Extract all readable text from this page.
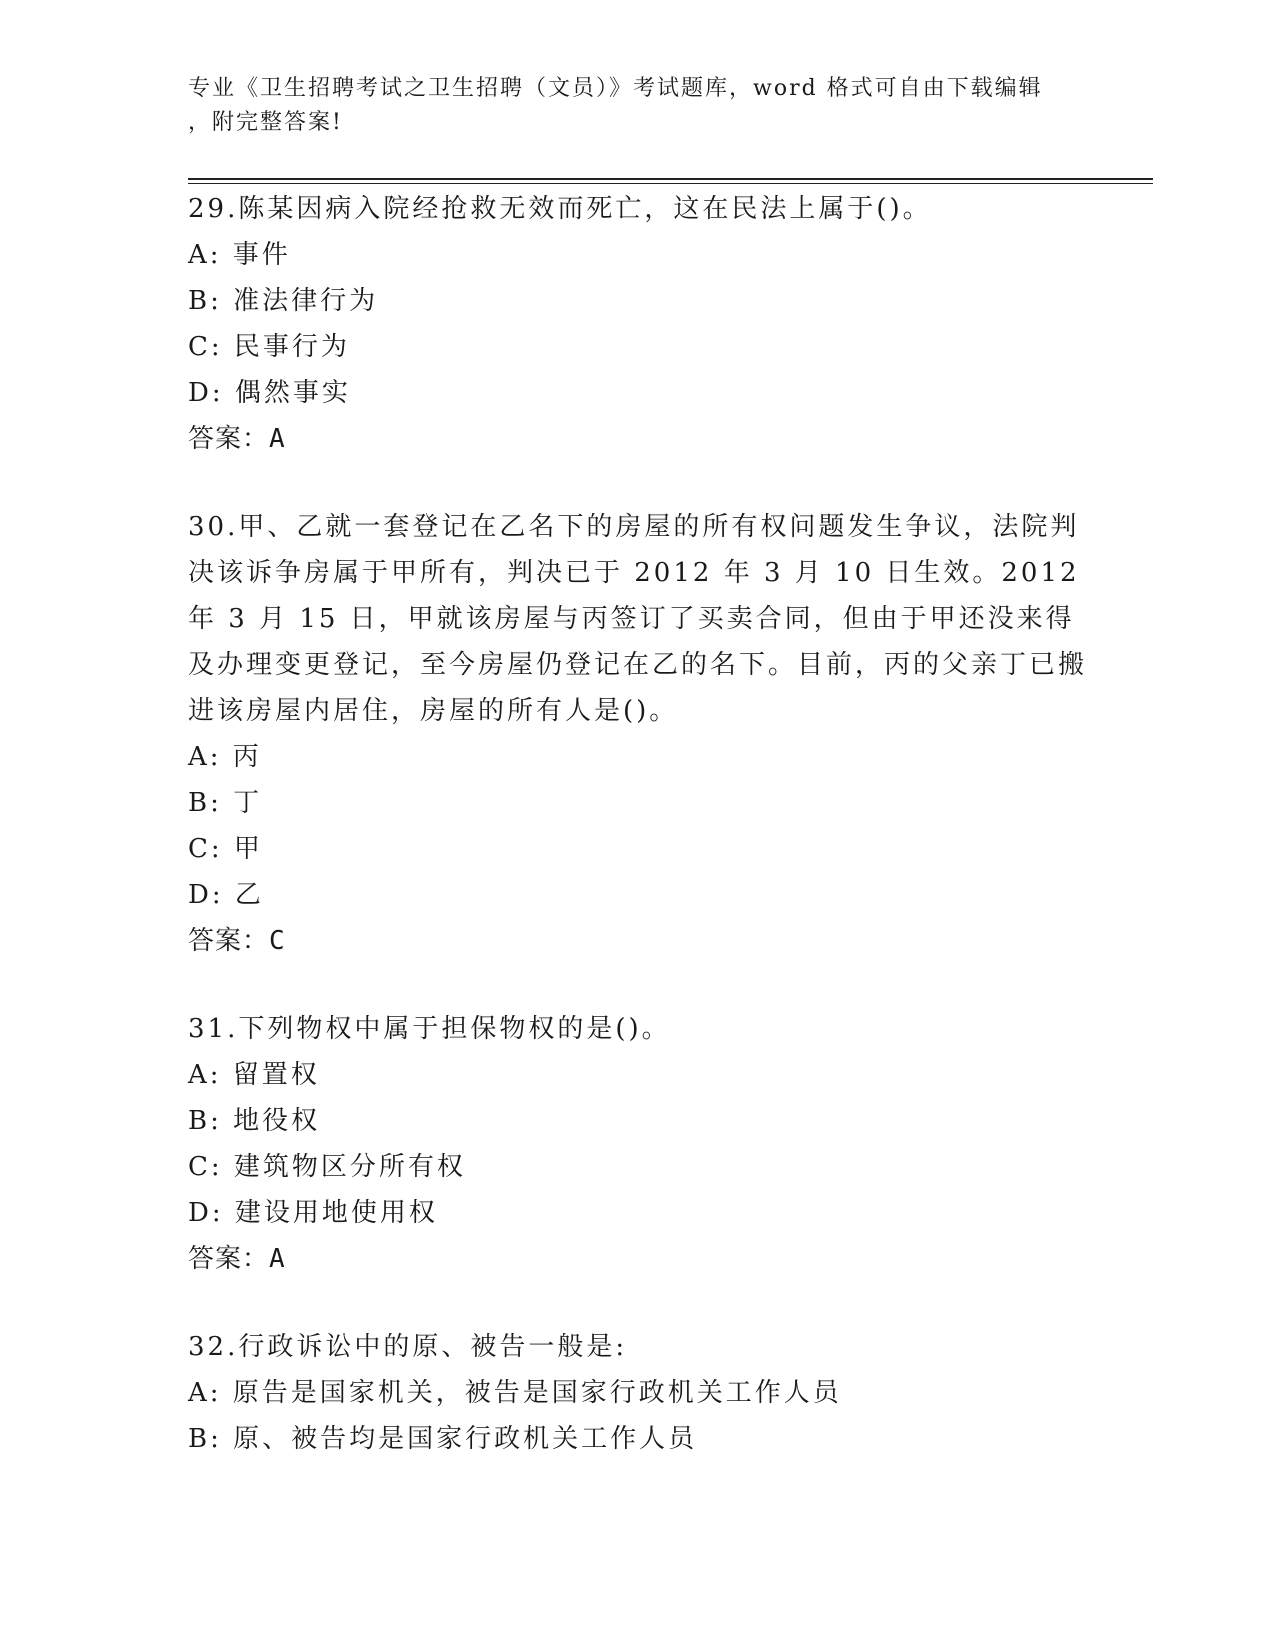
专业《卫生招聘考试之卫生招聘（文员）》考试题库，word 格式可自由下载编辑
，附完整答案!
29.陈某因病入院经抢救无效而死亡，这在民法上属于()。
A: 事件
B: 准法律行为
C: 民事行为
D: 偶然事实
答案：A
30.甲、乙就一套登记在乙名下的房屋的所有权问题发生争议，法院判决该诉争房属于甲所有，判决已于 2012 年 3 月 10 日生效。2012 年 3 月 15 日，甲就该房屋与丙签订了买卖合同，但由于甲还没来得及办理变更登记，至今房屋仍登记在乙的名下。目前，丙的父亲丁已搬进该房屋内居住，房屋的所有人是()。
A: 丙
B: 丁
C: 甲
D: 乙
答案：C
31.下列物权中属于担保物权的是()。
A: 留置权
B: 地役权
C: 建筑物区分所有权
D: 建设用地使用权
答案：A
32.行政诉讼中的原、被告一般是:
A: 原告是国家机关，被告是国家行政机关工作人员
B: 原、被告均是国家行政机关工作人员
